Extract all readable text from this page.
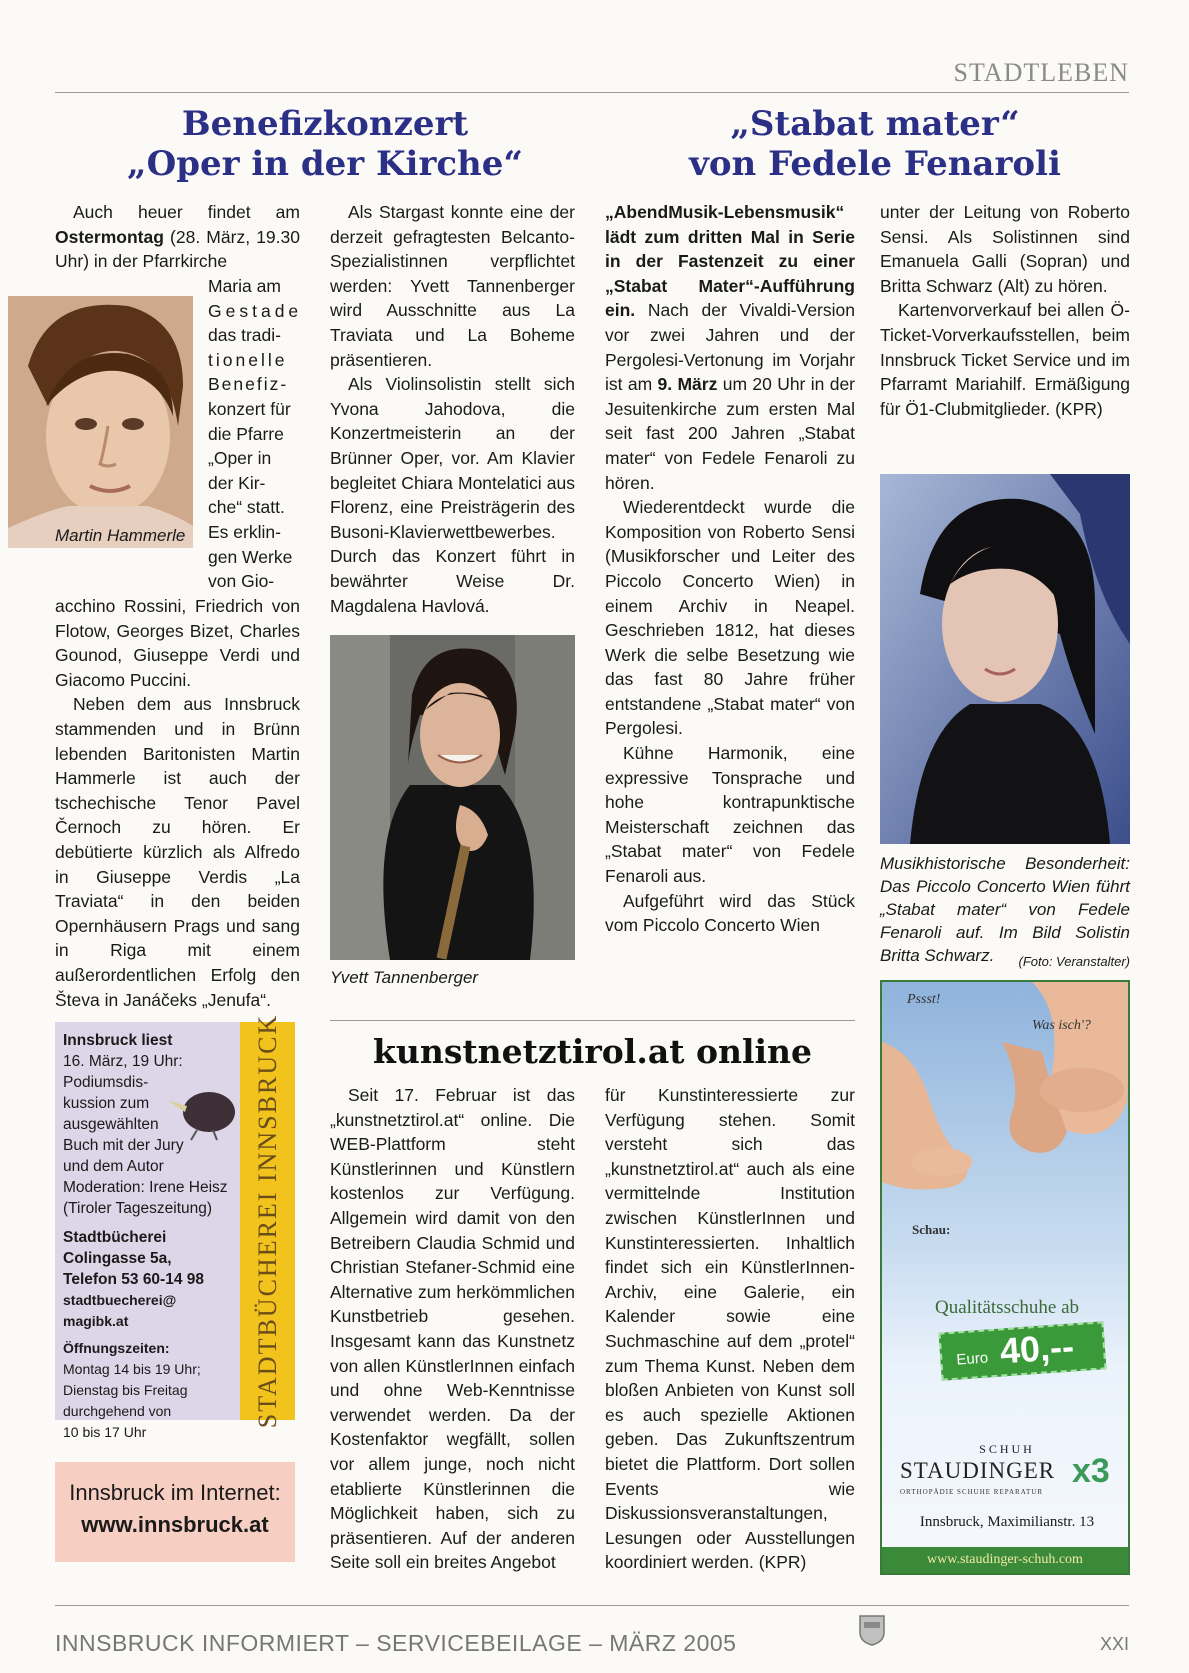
STADTLEBEN
Benefizkonzert
„Oper in der Kirche“
„Stabat mater“
von Fedele Fenaroli
Auch heuer findet am Ostermontag (28. März, 19.30 Uhr) in der Pfarrkirche
Martin Hammerle
Maria am
Gestade
das tradi-
tionelle
Benefiz-
konzert für
die Pfarre
„Oper in
der Kir-
che“ statt.
Es erklin-
gen Werke
von Gio-

acchino Rossini, Friedrich von Flotow, Georges Bizet, Charles Gounod, Giuseppe Verdi und Giacomo Puccini.

Neben dem aus Innsbruck stammenden und in Brünn lebenden Baritonisten Martin Hammerle ist auch der tschechische Tenor Pavel Černoch zu hören. Er debütierte kürzlich als Alfredo in Giuseppe Verdis „La Traviata“ in den beiden Opernhäusern Prags und sang in Riga mit einem außerordentlichen Erfolg den Števa in Janáčeks „Jenufa“.

Als Stargast konnte eine der derzeit gefragtesten Belcanto-Spezialistinnen verpflichtet werden: Yvett Tannenberger wird Ausschnitte aus La Traviata und La Boheme präsentieren.

Als Violinsolistin stellt sich Yvona Jahodova, die Konzertmeisterin an der Brünner Oper, vor. Am Klavier begleitet Chiara Montelatici aus Florenz, eine Preisträgerin des Busoni-Klavierwettbewerbes. Durch das Konzert führt in bewährter Weise Dr. Magdalena Havlová.

Yvett Tannenberger

„AbendMusik-Lebensmusik“ lädt zum dritten Mal in Serie in der Fastenzeit zu einer „Stabat Mater“-Aufführung ein. Nach der Vivaldi-Version vor zwei Jahren und der Pergolesi-Vertonung im Vorjahr ist am 9. März um 20 Uhr in der Jesuitenkirche zum ersten Mal seit fast 200 Jahren „Stabat mater“ von Fedele Fenaroli zu hören.

Wiederentdeckt wurde die Komposition von Roberto Sensi (Musikforscher und Leiter des Piccolo Concerto Wien) in einem Archiv in Neapel. Geschrieben 1812, hat dieses Werk die selbe Besetzung wie das fast 80 Jahre früher entstandene „Stabat mater“ von Pergolesi.

Kühne Harmonik, eine expressive Tonsprache und hohe kontrapunktische Meisterschaft zeichnen das „Stabat mater“ von Fedele Fenaroli aus.

Aufgeführt wird das Stück vom Piccolo Concerto Wien

unter der Leitung von Roberto Sensi. Als Solistinnen sind Emanuela Galli (Sopran) und Britta Schwarz (Alt) zu hören.

Kartenvorverkauf bei allen Ö-Ticket-Vorverkaufsstellen, beim Innsbruck Ticket Service und im Pfarramt Mariahilf. Ermäßigung für Ö1-Clubmitglieder. (KPR)

Musikhistorische Besonderheit: Das Piccolo Concerto Wien führt „Stabat mater“ von Fedele Fenaroli auf. Im Bild Solistin Britta Schwarz. (Foto: Veranstalter)
Innsbruck liest
16. März, 19 Uhr:
Podiumsdis-
kussion zum
ausgewählten
Buch mit der Jury
und dem Autor
Moderation: Irene Heisz
(Tiroler Tageszeitung)
Stadtbücherei
Colingasse 5a,
Telefon 53 60-14 98
stadtbuecherei@
magibk.at
Öffnungszeiten:
Montag 14 bis 19 Uhr;
Dienstag bis Freitag
durchgehend von
10 bis 17 Uhr
STADTBÜCHEREI INNSBRUCK
Innsbruck im Internet:
www.innsbruck.at
kunstnetztirol.at online

Seit 17. Februar ist das „kunstnetztirol.at“ online. Die WEB-Plattform steht Künstlerinnen und Künstlern kostenlos zur Verfügung. Allgemein wird damit von den Betreibern Claudia Schmid und Christian Stefaner-Schmid eine Alternative zum herkömmlichen Kunstbetrieb gesehen. Insgesamt kann das Kunstnetz von allen KünstlerInnen einfach und ohne Web-Kenntnisse verwendet werden. Da der Kostenfaktor wegfällt, sollen vor allem junge, noch nicht etablierte Künstlerinnen die Möglichkeit haben, sich zu präsentieren. Auf der anderen Seite soll ein breites Angebot

für Kunstinteressierte zur Verfügung stehen. Somit versteht sich das „kunstnetztirol.at“ auch als eine vermittelnde Institution zwischen KünstlerInnen und Kunstinteressierten. Inhaltlich findet sich ein KünstlerInnen-Archiv, eine Galerie, ein Kalender sowie eine Suchmaschine auf dem „protel“ zum Thema Kunst. Neben dem bloßen Anbieten von Kunst soll es auch spezielle Aktionen geben. Das Zukunftszentrum bietet die Plattform. Dort sollen Events wie Diskussionsveranstaltungen, Lesungen oder Ausstellungen koordiniert werden. (KPR)

Pssst!
Was isch'?
Schau:
Qualitätsschuhe ab
Euro 40,--
SCHUH
STAUDINGER x3
ORTHOPÄDIE SCHUHE REPARATUR
Innsbruck, Maximilianstr. 13
www.staudinger-schuh.com
INNSBRUCK INFORMIERT – SERVICEBEILAGE – MÄRZ 2005	XXI
